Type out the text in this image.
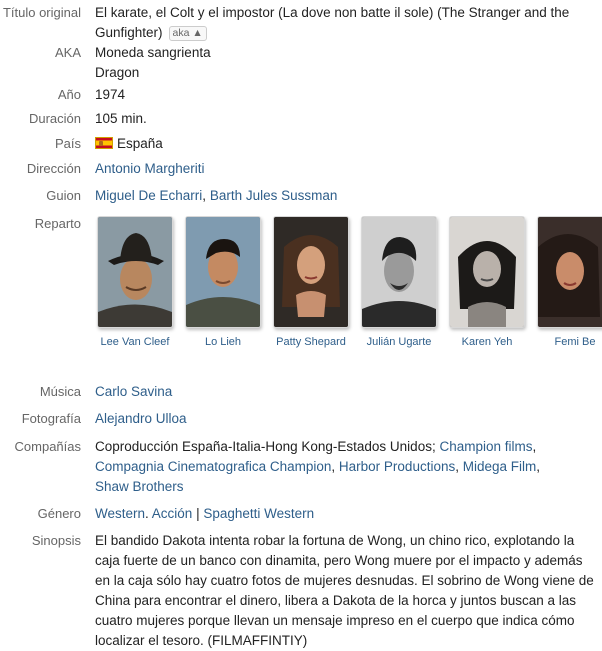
Título original El karate, el Colt y el impostor (La dove non batte il sole) (The Stranger and the Gunfighter) aka ▲
AKA Moneda sangrienta
Dragon
Año 1974
Duración 105 min.
País	España
Dirección Antonio Margheriti
Guion Miguel De Echarri, Barth Jules Sussman
Reparto
Lee Van Cleef	Lo Lieh	Patty Shepard	Julián Ugarte	Karen Yeh	Femi Be
Música Carlo Savina
Fotografía Alejandro Ulloa
Compañías Coproducción España-Italia-Hong Kong-Estados Unidos; Champion films,
Compagnia Cinematografica Champion, Harbor Productions, Midega Film,
Shaw Brothers
Género Western. Acción | Spaghetti Western
Sinopsis El bandido Dakota intenta robar la fortuna de Wong, un chino rico, explotando la caja fuerte de un banco con dinamita, pero Wong muere por el impacto y además en la caja sólo hay cuatro fotos de mujeres desnudas. El sobrino de Wong viene de China para encontrar el dinero, libera a Dakota de la horca y juntos buscan a las cuatro mujeres porque llevan un mensaje impreso en el cuerpo que indica cómo localizar el tesoro. (FILMAFFINTIY)
